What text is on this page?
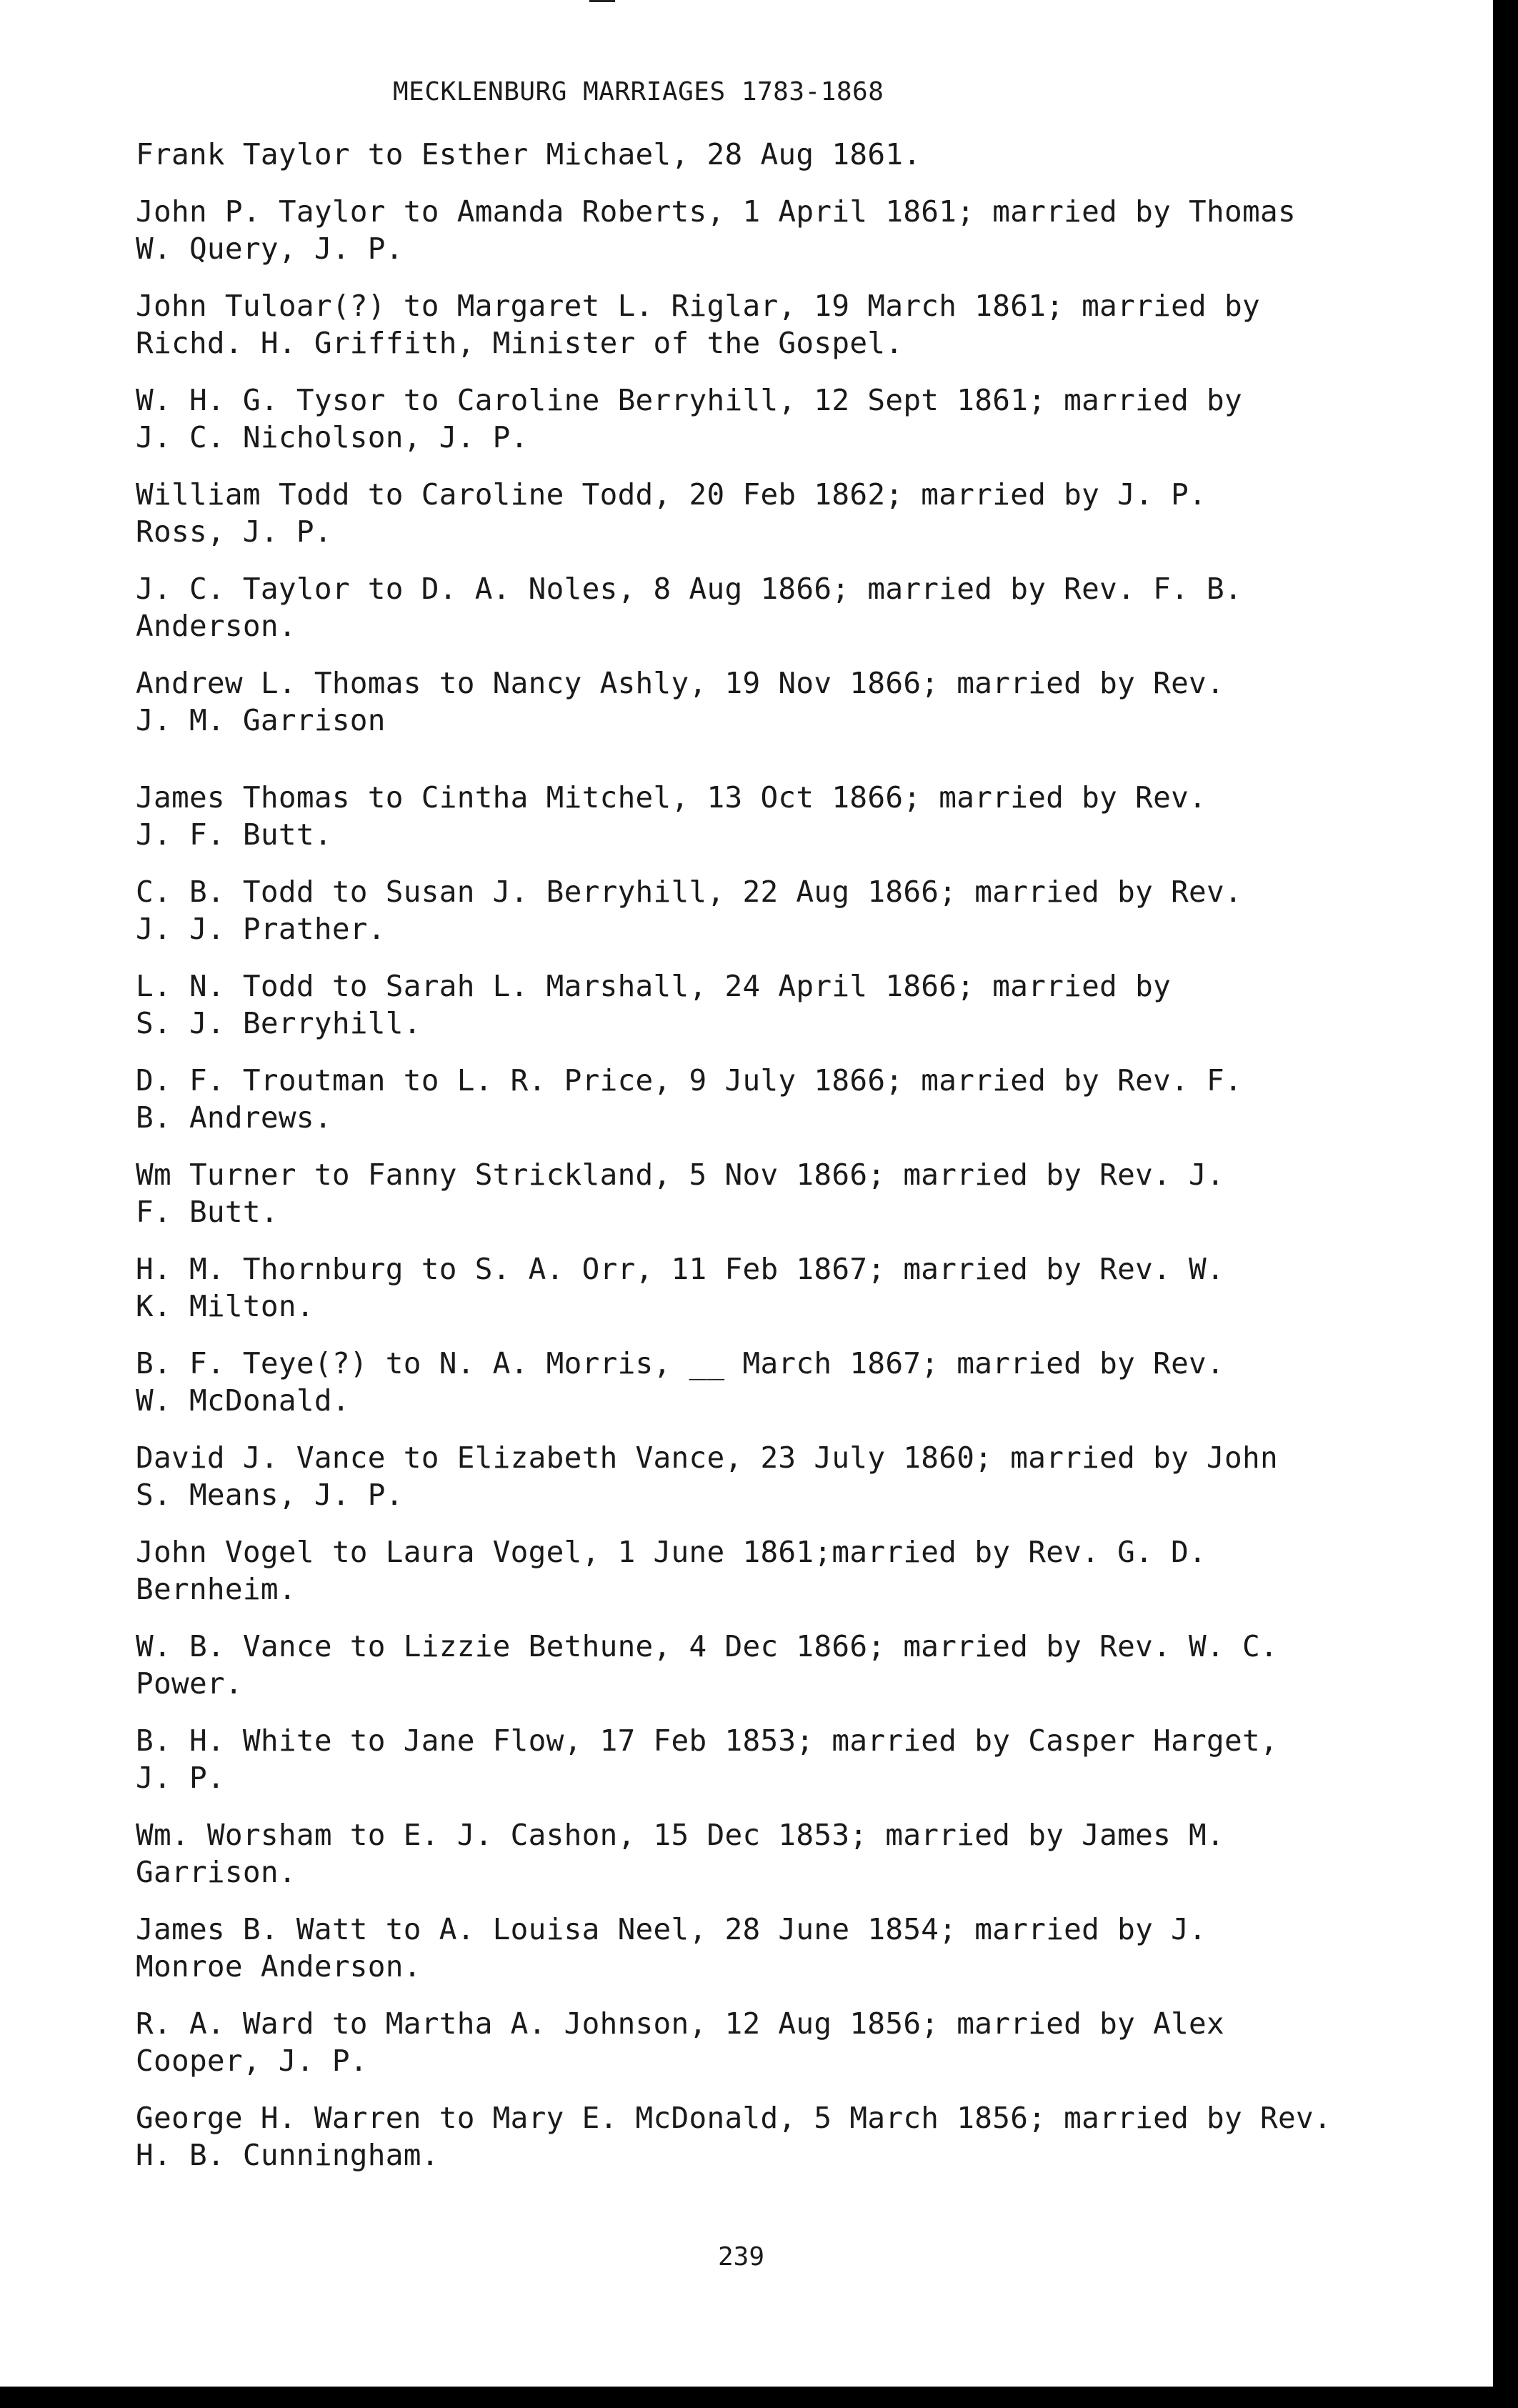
MECKLENBURG MARRIAGES 1783-1868

Frank Taylor to Esther Michael, 28 Aug 1861.

John P. Taylor to Amanda Roberts, 1 April 1861; married by Thomas
W. Query, J. P.

John Tuloar(?) to Margaret L. Riglar, 19 March 1861; married by
Richd. H. Griffith, Minister of the Gospel.

W. H. G. Tysor to Caroline Berryhill, 12 Sept 1861; married by
J. C. Nicholson, J. P.

William Todd to Caroline Todd, 20 Feb 1862; married by J. P.
Ross, J. P.

J. C. Taylor to D. A. Noles, 8 Aug 1866; married by Rev. F. B.
Anderson.

Andrew L. Thomas to Nancy Ashly, 19 Nov 1866; married by Rev.
J. M. Garrison

James Thomas to Cintha Mitchel, 13 Oct 1866; married by Rev.
J. F. Butt.

C. B. Todd to Susan J. Berryhill, 22 Aug 1866; married by Rev.
J. J. Prather.

L. N. Todd to Sarah L. Marshall, 24 April 1866; married by
S. J. Berryhill.

D. F. Troutman to L. R. Price, 9 July 1866; married by Rev. F.
B. Andrews.

Wm Turner to Fanny Strickland, 5 Nov 1866; married by Rev. J.
F. Butt.

H. M. Thornburg to S. A. Orr, 11 Feb 1867; married by Rev. W.
K. Milton.

B. F. Teye(?) to N. A. Morris, __ March 1867; married by Rev.
W. McDonald.

David J. Vance to Elizabeth Vance, 23 July 1860; married by John
S. Means, J. P.

John Vogel to Laura Vogel, 1 June 1861;married by Rev. G. D.
Bernheim.

W. B. Vance to Lizzie Bethune, 4 Dec 1866; married by Rev. W. C.
Power.

B. H. White to Jane Flow, 17 Feb 1853; married by Casper Harget,
J. P.

Wm. Worsham to E. J. Cashon, 15 Dec 1853; married by James M.
Garrison.

James B. Watt to A. Louisa Neel, 28 June 1854; married by J.
Monroe Anderson.

R. A. Ward to Martha A. Johnson, 12 Aug 1856; married by Alex
Cooper, J. P.

George H. Warren to Mary E. McDonald, 5 March 1856; married by Rev.
H. B. Cunningham.

239
